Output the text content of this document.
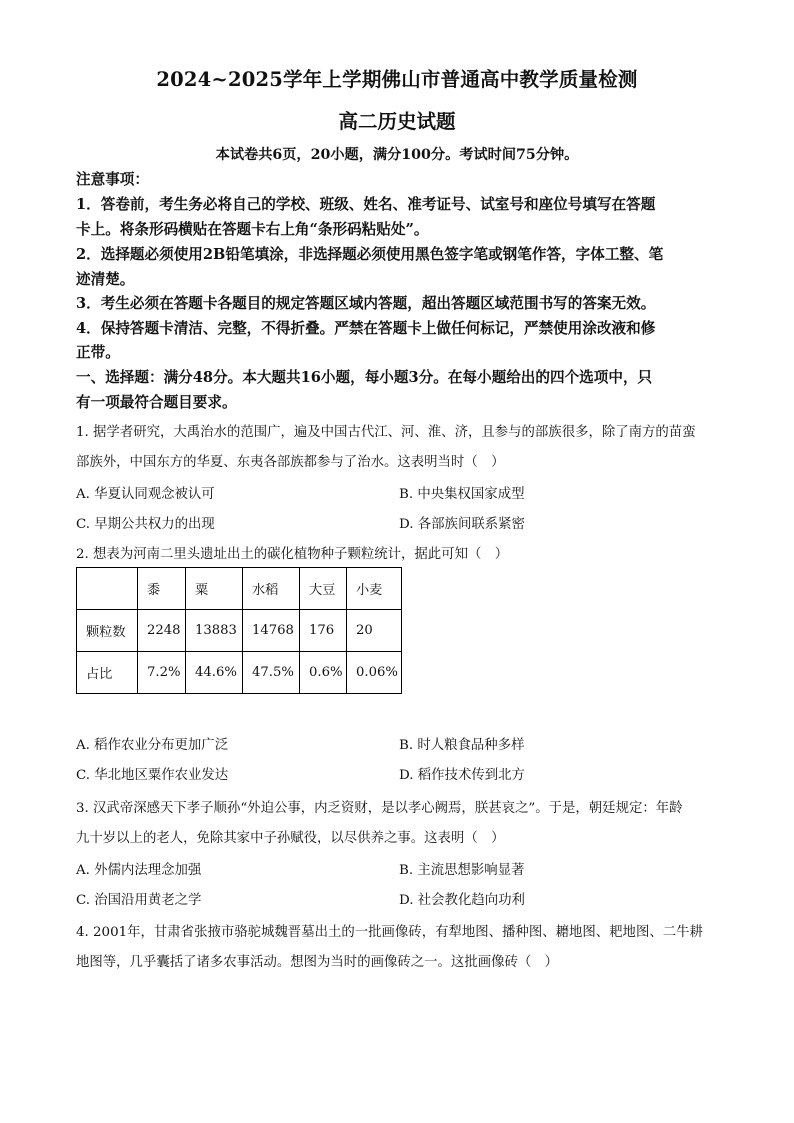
2024~2025学年上学期佛山市普通高中教学质量检测
高二历史试题
本试卷共6页，20小题，满分100分。考试时间75分钟。
注意事项：
1．答卷前，考生务必将自己的学校、班级、姓名、准考证号、试室号和座位号填写在答题
卡上。将条形码横贴在答题卡右上角“条形码粘贴处”。
2．选择题必须使用2B铅笔填涂，非选择题必须使用黑色签字笔或钢笔作答，字体工整、笔
迹清楚。
3．考生必须在答题卡各题目的规定答题区域内答题，超出答题区域范围书写的答案无效。
4．保持答题卡清洁、完整，不得折叠。严禁在答题卡上做任何标记，严禁使用涂改液和修
正带。
一、选择题：满分48分。本大题共16小题，每小题3分。在每小题给出的四个选项中，只
有一项最符合题目要求。
1. 据学者研究，大禹治水的范围广，遍及中国古代江、河、淮、济，且参与的部族很多，除了南方的苗蛮
部族外，中国东方的华夏、东夷各部族都参与了治水。这表明当时（　）
A. 华夏认同观念被认可	B. 中央集权国家成型
C. 早期公共权力的出现	D. 各部族间联系紧密
2. 想表为河南二里头遗址出土的碳化植物种子颗粒统计，据此可知（　）
	黍	粟	水稻	大豆	小麦
颗粒数	2248	13883	14768	176	20
占比	7.2%	44.6%	47.5%	0.6%	0.06%
A. 稻作农业分布更加广泛	B. 时人粮食品种多样
C. 华北地区粟作农业发达	D. 稻作技术传到北方
3. 汉武帝深感天下孝子顺孙“外迫公事，内乏资财，是以孝心阙焉，朕甚哀之”。于是，朝廷规定：年龄
九十岁以上的老人，免除其家中子孙赋役，以尽供养之事。这表明（　）
A. 外儒内法理念加强	B. 主流思想影响显著
C. 治国沿用黄老之学	D. 社会教化趋向功利
4. 2001年，甘肃省张掖市骆驼城魏晋墓出土的一批画像砖，有犁地图、播种图、耱地图、耙地图、二牛耕
地图等，几乎囊括了诸多农事活动。想图为当时的画像砖之一。这批画像砖（　）
